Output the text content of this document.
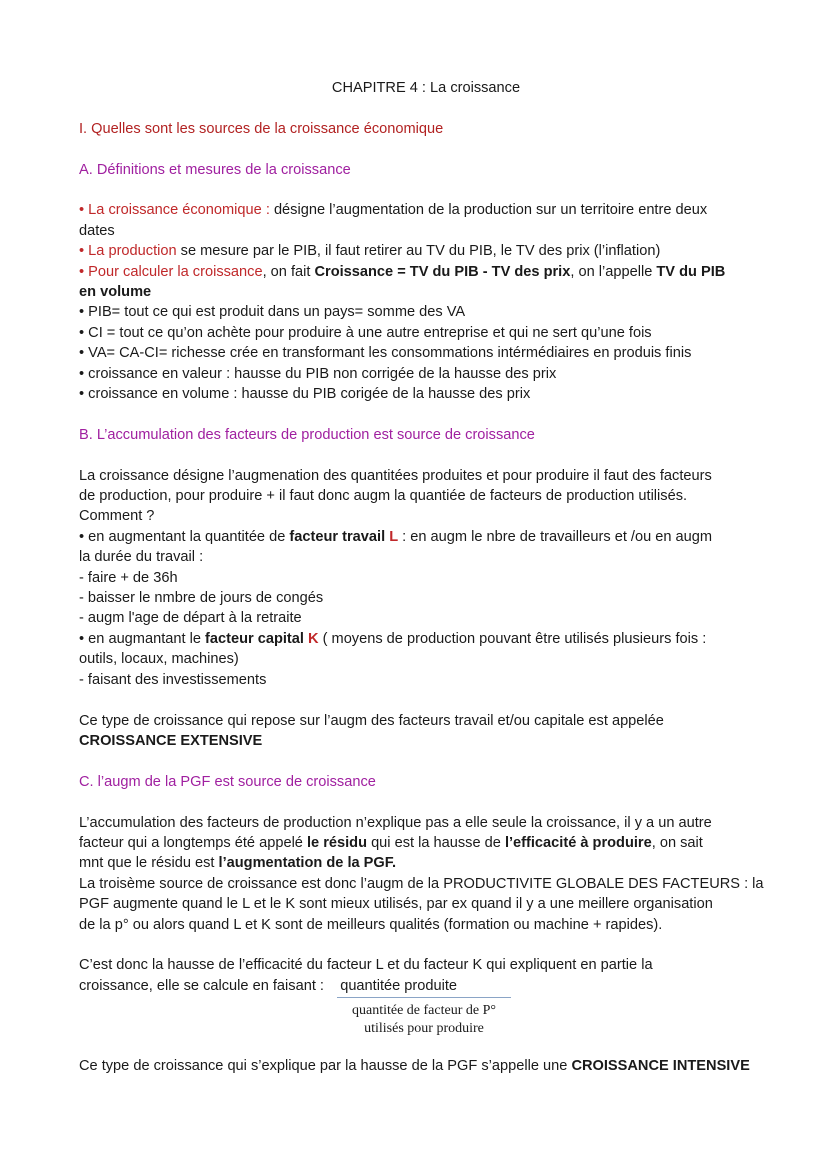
CHAPITRE 4 : La croissance
I. Quelles sont les sources de la croissance économique
A. Définitions et mesures de la croissance
• La croissance économique : désigne l’augmentation de la production sur un territoire entre deux
dates
• La production se mesure par le PIB, il faut retirer au TV du PIB, le TV des prix (l’inflation)
• Pour calculer la croissance, on fait Croissance = TV du PIB - TV des prix, on l’appelle TV du PIB
en volume
• PIB= tout ce qui est produit dans un pays= somme des VA
• CI = tout ce qu’on achète pour produire à une autre entreprise et qui ne sert qu’une fois
• VA= CA-CI= richesse crée en transformant les consommations intérmédiaires en produis finis
• croissance en valeur : hausse du PIB non corrigée de la hausse des prix
• croissance en volume : hausse du PIB corigée de la hausse des prix
B. L’accumulation des facteurs de production est source de croissance
La croissance désigne l’augmenation des quantitées produites et pour produire il faut des facteurs
de production, pour produire + il faut donc augm la quantiée de facteurs de production utilisés.
Comment ?
• en augmentant la quantitée de facteur travail L : en augm le nbre de travailleurs et /ou en augm
la durée du travail :
- faire + de 36h
- baisser le nmbre de jours de congés
- augm l'age de départ à la retraite
• en augmantant le facteur capital K ( moyens de production pouvant être utilisés plusieurs fois :
outils, locaux, machines)
- faisant des investissements
Ce type de croissance qui repose sur l’augm des facteurs travail et/ou capitale est appelée
CROISSANCE EXTENSIVE
C. l’augm de la PGF est source de croissance
L’accumulation des facteurs de production n’explique pas a elle seule la croissance, il y a un autre
facteur qui a longtemps été appelé le résidu qui est la hausse de l’efficacité à produire, on sait
mnt que le résidu est l’augmentation de la PGF.
La troisème source de croissance est donc l’augm de la PRODUCTIVITE GLOBALE DES FACTEURS : la
PGF augmente quand le L et le K sont mieux utilisés, par ex quand il y a une meillere organisation
de la p° ou alors quand L et K sont de meilleurs qualités (formation ou machine + rapides).
C’est donc la hausse de l’efficacité du facteur L et du facteur K qui expliquent en partie la
croissance, elle se calcule en faisant :    quantitée produite
quantitée de facteur de P°
utilisés pour produire
Ce type de croissance qui s’explique par la hausse de la PGF s’appelle une CROISSANCE INTENSIVE
